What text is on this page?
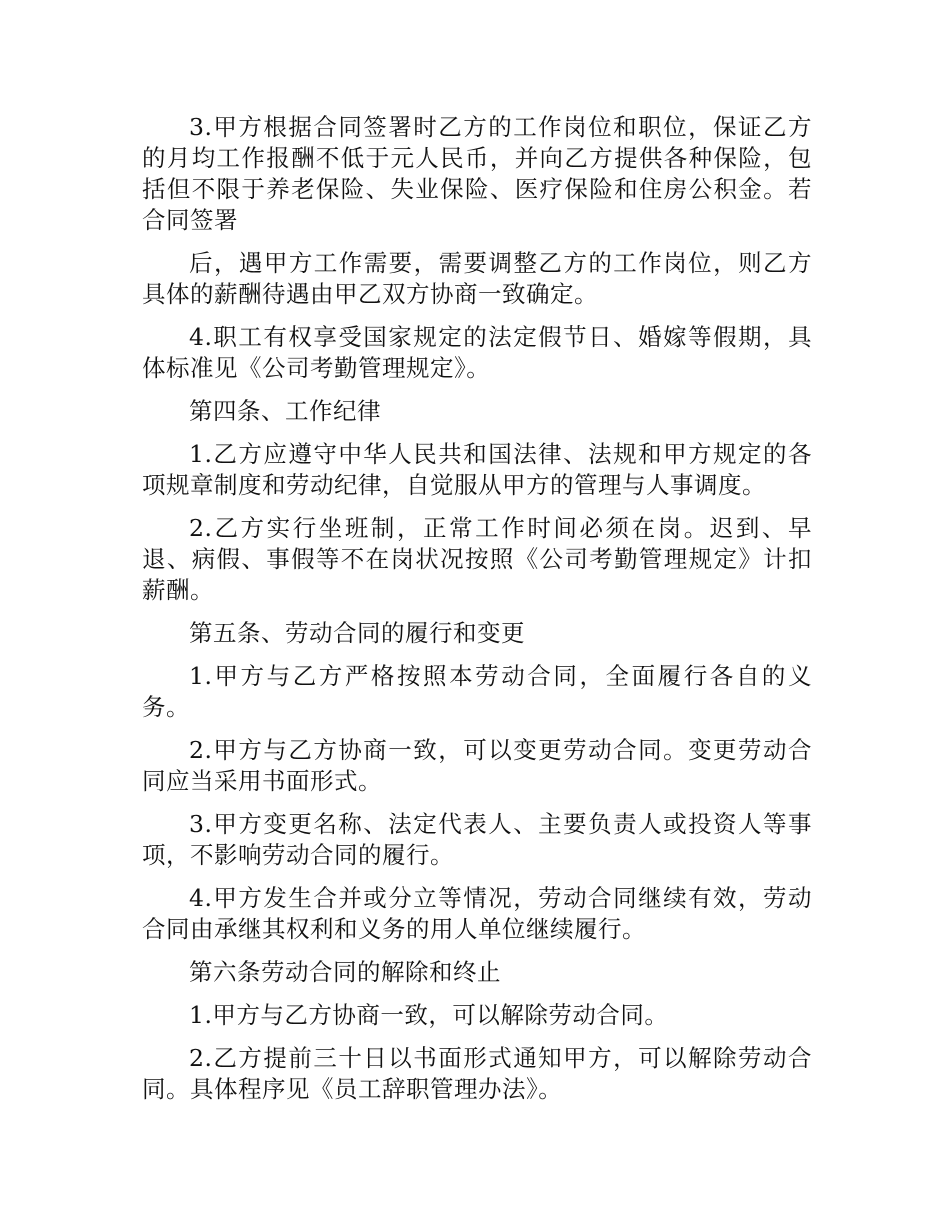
3.甲方根据合同签署时乙方的工作岗位和职位，保证乙方的月均工作报酬不低于元人民币，并向乙方提供各种保险，包括但不限于养老保险、失业保险、医疗保险和住房公积金。若合同签署

后，遇甲方工作需要，需要调整乙方的工作岗位，则乙方具体的薪酬待遇由甲乙双方协商一致确定。

4.职工有权享受国家规定的法定假节日、婚嫁等假期，具体标准见《公司考勤管理规定》。

第四条、工作纪律

1.乙方应遵守中华人民共和国法律、法规和甲方规定的各项规章制度和劳动纪律，自觉服从甲方的管理与人事调度。

2.乙方实行坐班制，正常工作时间必须在岗。迟到、早退、病假、事假等不在岗状况按照《公司考勤管理规定》计扣薪酬。

第五条、劳动合同的履行和变更

1.甲方与乙方严格按照本劳动合同，全面履行各自的义务。

2.甲方与乙方协商一致，可以变更劳动合同。变更劳动合同应当采用书面形式。

3.甲方变更名称、法定代表人、主要负责人或投资人等事项，不影响劳动合同的履行。

4.甲方发生合并或分立等情况，劳动合同继续有效，劳动合同由承继其权利和义务的用人单位继续履行。

第六条劳动合同的解除和终止

1.甲方与乙方协商一致，可以解除劳动合同。

2.乙方提前三十日以书面形式通知甲方，可以解除劳动合同。具体程序见《员工辞职管理办法》。
